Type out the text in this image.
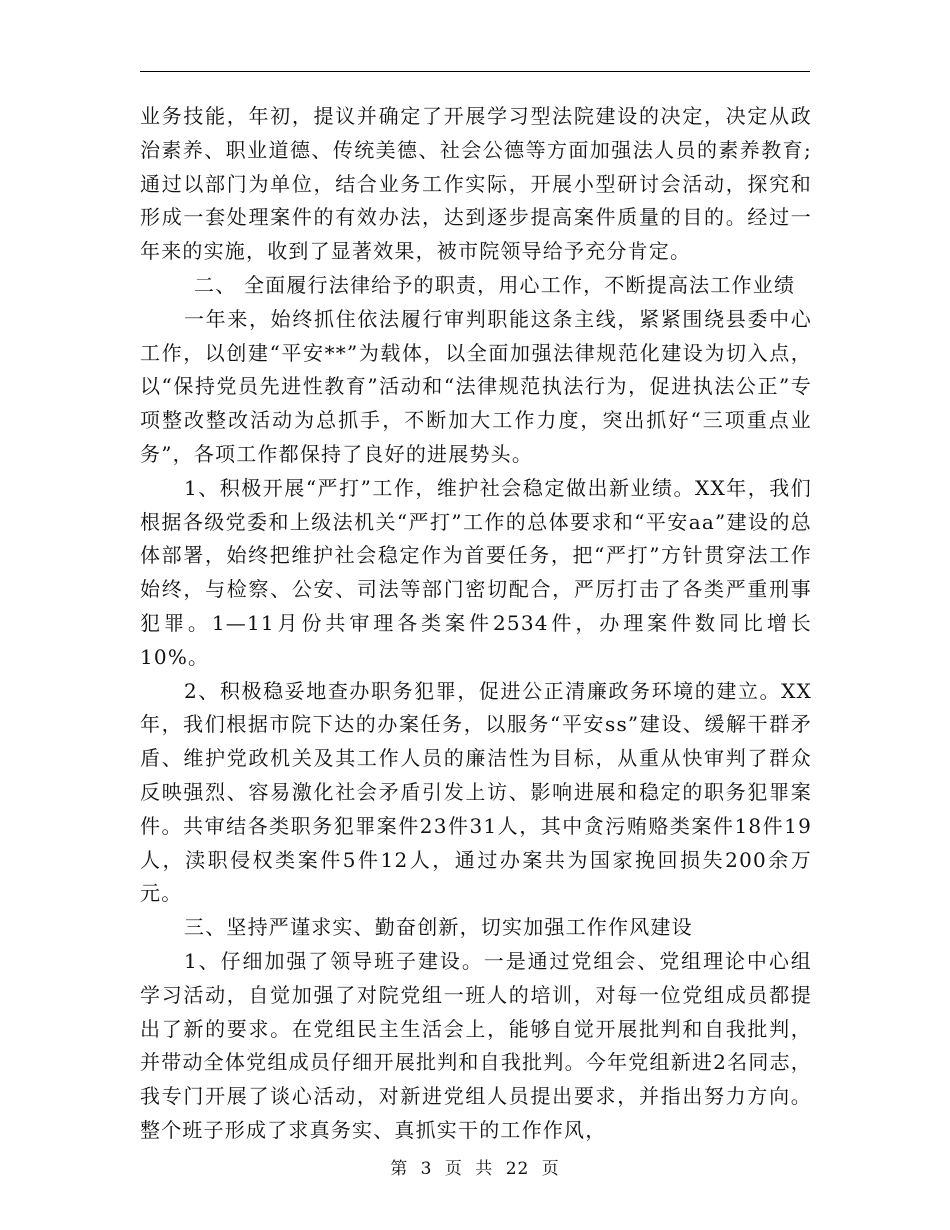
业务技能，年初，提议并确定了开展学习型法院建设的决定，决定从政治素养、职业道德、传统美德、社会公德等方面加强法人员的素养教育;通过以部门为单位，结合业务工作实际，开展小型研讨会活动，探究和形成一套处理案件的有效办法，达到逐步提高案件质量的目的。经过一年来的实施，收到了显著效果，被市院领导给予充分肯定。

二、 全面履行法律给予的职责，用心工作，不断提高法工作业绩

一年来，始终抓住依法履行审判职能这条主线，紧紧围绕县委中心工作，以创建“平安**”为载体，以全面加强法律规范化建设为切入点，以“保持党员先进性教育”活动和“法律规范执法行为，促进执法公正”专项整改整改活动为总抓手，不断加大工作力度，突出抓好“三项重点业务”，各项工作都保持了良好的进展势头。

1、积极开展“严打”工作，维护社会稳定做出新业绩。XX年，我们根据各级党委和上级法机关“严打”工作的总体要求和“平安aa”建设的总体部署，始终把维护社会稳定作为首要任务，把“严打”方针贯穿法工作始终，与检察、公安、司法等部门密切配合，严厉打击了各类严重刑事犯罪。1—11月份共审理各类案件2534件，办理案件数同比增长10%。

2、积极稳妥地查办职务犯罪，促进公正清廉政务环境的建立。XX年，我们根据市院下达的办案任务，以服务“平安ss”建设、缓解干群矛盾、维护党政机关及其工作人员的廉洁性为目标，从重从快审判了群众反映强烈、容易激化社会矛盾引发上访、影响进展和稳定的职务犯罪案件。共审结各类职务犯罪案件23件31人，其中贪污贿赂类案件18件19人，渎职侵权类案件5件12人，通过办案共为国家挽回损失200余万元。

三、坚持严谨求实、勤奋创新，切实加强工作作风建设

1、仔细加强了领导班子建设。一是通过党组会、党组理论中心组学习活动，自觉加强了对院党组一班人的培训，对每一位党组成员都提出了新的要求。在党组民主生活会上，能够自觉开展批判和自我批判，并带动全体党组成员仔细开展批判和自我批判。今年党组新进2名同志，我专门开展了谈心活动，对新进党组人员提出要求，并指出努力方向。整个班子形成了求真务实、真抓实干的工作作风，

第 3 页 共 22 页
